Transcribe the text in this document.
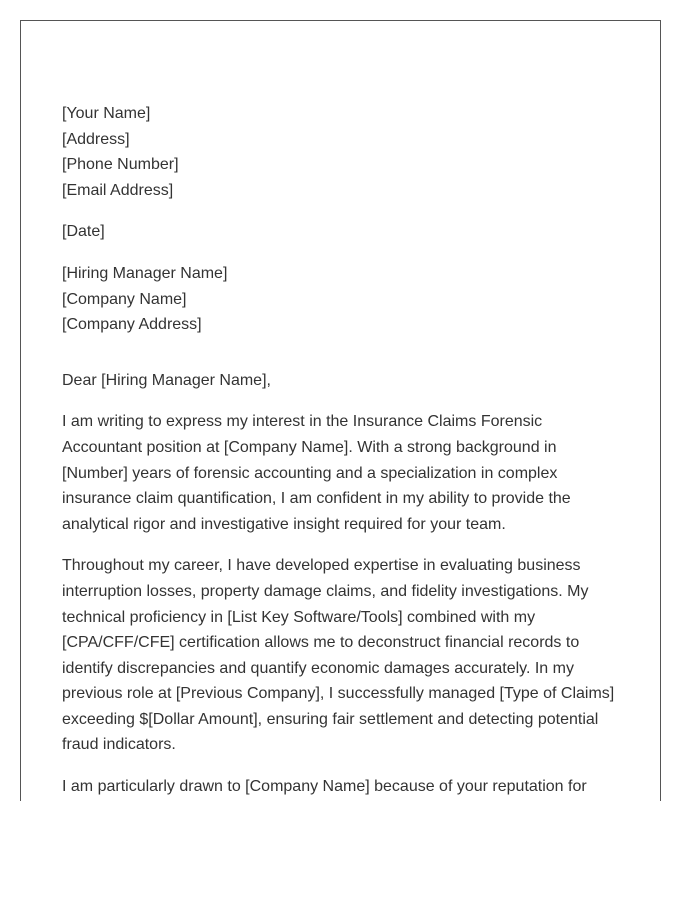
[Your Name]
[Address]
[Phone Number]
[Email Address]
[Date]
[Hiring Manager Name]
[Company Name]
[Company Address]
Dear [Hiring Manager Name],
I am writing to express my interest in the Insurance Claims Forensic
Accountant position at [Company Name]. With a strong background in
[Number] years of forensic accounting and a specialization in complex
insurance claim quantification, I am confident in my ability to provide the
analytical rigor and investigative insight required for your team.
Throughout my career, I have developed expertise in evaluating business
interruption losses, property damage claims, and fidelity investigations. My
technical proficiency in [List Key Software/Tools] combined with my
[CPA/CFF/CFE] certification allows me to deconstruct financial records to
identify discrepancies and quantify economic damages accurately. In my
previous role at [Previous Company], I successfully managed [Type of Claims]
exceeding $[Dollar Amount], ensuring fair settlement and detecting potential
fraud indicators.
I am particularly drawn to [Company Name] because of your reputation for
